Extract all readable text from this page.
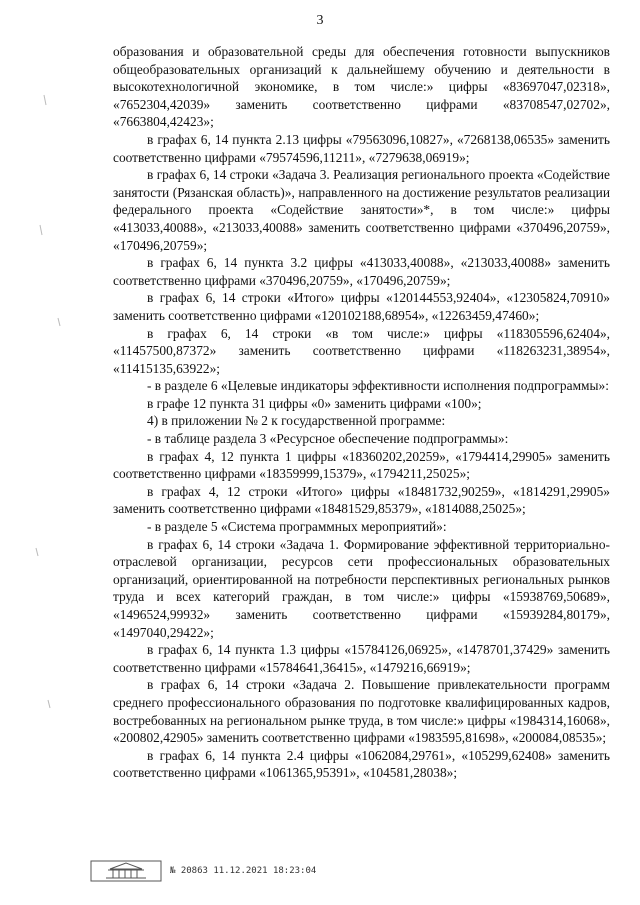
3

образования и образовательной среды для обеспечения готовности выпускников общеобразовательных организаций к дальнейшему обучению и деятельности в высокотехнологичной экономике, в том числе:» цифры «83697047,02318», «7652304,42039» заменить соответственно цифрами «83708547,02702», «7663804,42423»;

в графах 6, 14 пункта 2.13 цифры «79563096,10827», «7268138,06535» заменить соответственно цифрами «79574596,11211», «7279638,06919»;

в графах 6, 14 строки «Задача 3. Реализация регионального проекта «Содействие занятости (Рязанская область)», направленного на достижение результатов реализации федерального проекта «Содействие занятости»*, в том числе:» цифры «413033,40088», «213033,40088» заменить соответственно цифрами «370496,20759», «170496,20759»;

в графах 6, 14 пункта 3.2 цифры «413033,40088», «213033,40088» заменить соответственно цифрами «370496,20759», «170496,20759»;

в графах 6, 14 строки «Итого» цифры «120144553,92404», «12305824,70910» заменить соответственно цифрами «120102188,68954», «12263459,47460»;

в графах 6, 14 строки «в том числе:» цифры «118305596,62404», «11457500,87372» заменить соответственно цифрами «118263231,38954», «11415135,63922»;

- в разделе 6 «Целевые индикаторы эффективности исполнения подпрограммы»:

в графе 12 пункта 31 цифры «0» заменить цифрами «100»;

4) в приложении № 2 к государственной программе:

- в таблице раздела 3 «Ресурсное обеспечение подпрограммы»:

в графах 4, 12 пункта 1 цифры «18360202,20259», «1794414,29905» заменить соответственно цифрами «18359999,15379», «1794211,25025»;

в графах 4, 12 строки «Итого» цифры «18481732,90259», «1814291,29905» заменить соответственно цифрами «18481529,85379», «1814088,25025»;

- в разделе 5 «Система программных мероприятий»:

в графах 6, 14 строки «Задача 1. Формирование эффективной территориально-отраслевой организации, ресурсов сети профессиональных образовательных организаций, ориентированной на потребности перспективных региональных рынков труда и всех категорий граждан, в том числе:» цифры «15938769,50689», «1496524,99932» заменить соответственно цифрами «15939284,80179», «1497040,29422»;

в графах 6, 14 пункта 1.3 цифры «15784126,06925», «1478701,37429» заменить соответственно цифрами «15784641,36415», «1479216,66919»;

в графах 6, 14 строки «Задача 2. Повышение привлекательности программ среднего профессионального образования по подготовке квалифицированных кадров, востребованных на региональном рынке труда, в том числе:» цифры «1984314,16068», «200802,42905» заменить соответственно цифрами «1983595,81698», «200084,08535»;

в графах 6, 14 пункта 2.4 цифры «1062084,29761», «105299,62408» заменить соответственно цифрами «1061365,95391», «104581,28038»;

№ 20863 11.12.2021 18:23:04
